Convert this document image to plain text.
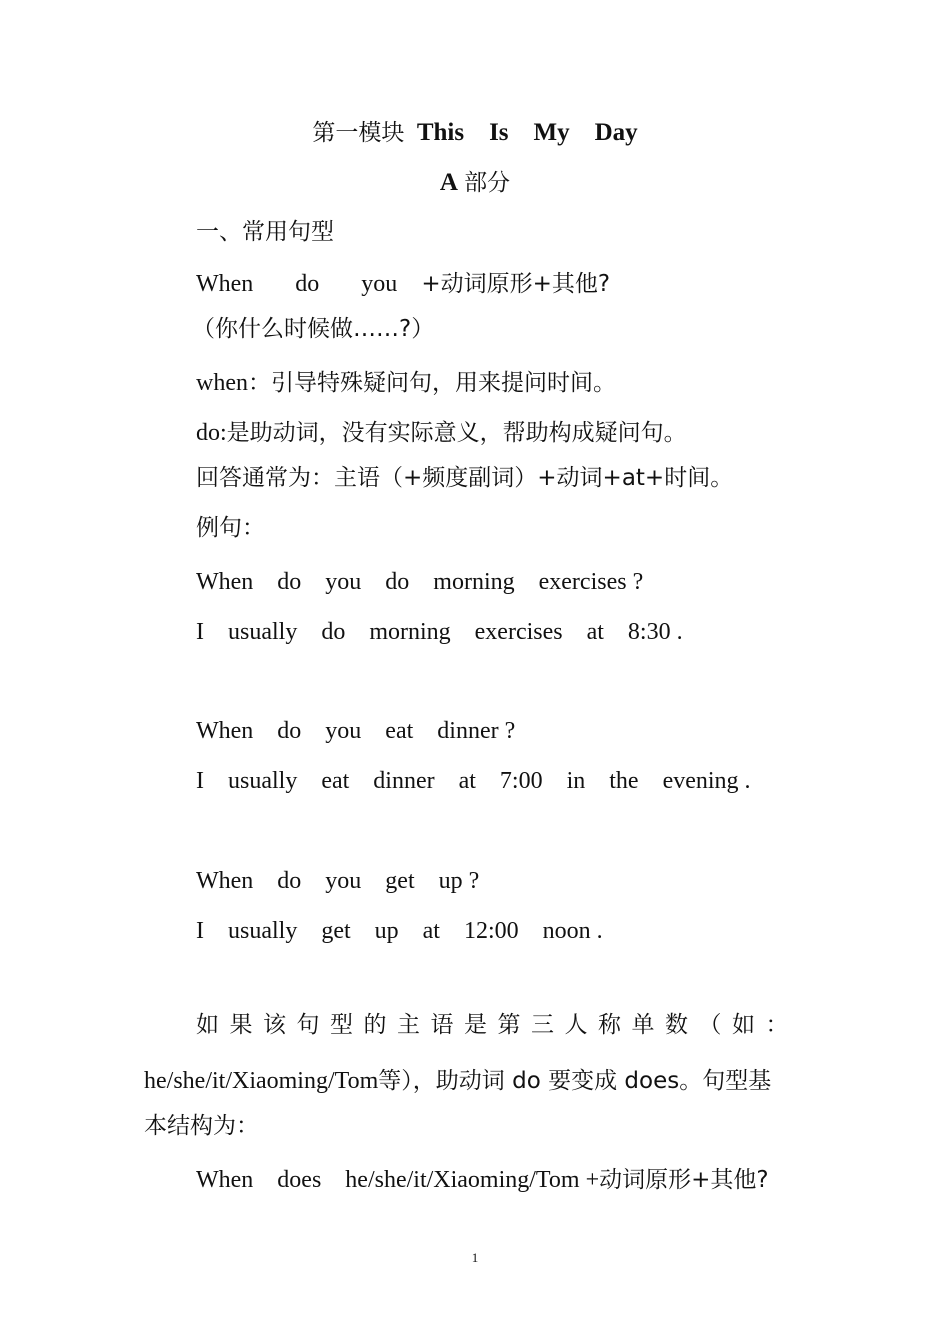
第一模块 This　Is　My　Day
A 部分
一、常用句型
When　 do　 you　+动词原形+其他?
（你什么时候做……?）
when：引导特殊疑问句，用来提问时间。
do:是助动词，没有实际意义，帮助构成疑问句。
回答通常为：主语（+频度副词）+动词+at+时间。
例句：
When　do　you　do　morning　exercises ?
I　usually　do　morning　exercises　at　8:30 .
When　do　you　eat　dinner ?
I　usually　eat　dinner　at　7:00　in　the　evening .
When　do　you　get　up ?
I　usually　get　up　at　12:00　noon .
如果该句型的主语是第三人称单数（如：
he/she/it/Xiaoming/Tom等），助动词 do 要变成 does。句型基
本结构为：
When　does　he/she/it/Xiaoming/Tom +动词原形+其他?
1
